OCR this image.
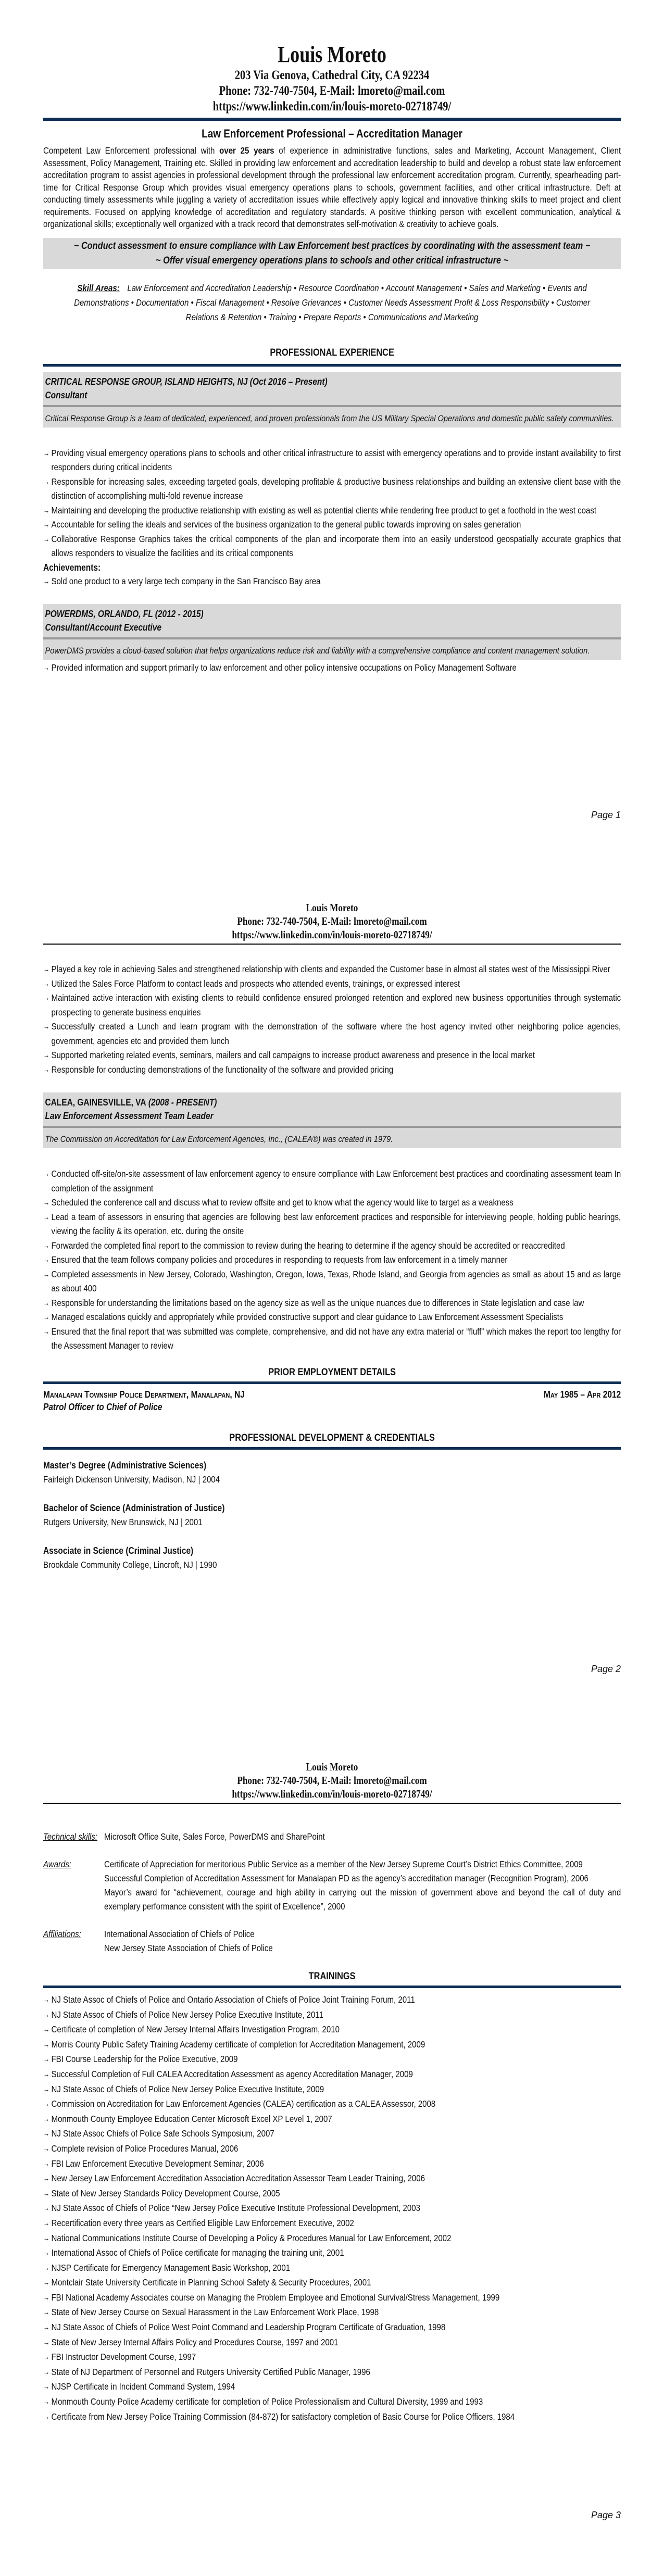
Louis Moreto
203 Via Genova, Cathedral City, CA 92234
Phone: 732-740-7504, E-Mail: lmoreto@mail.com
https://www.linkedin.com/in/louis-moreto-02718749/
Law Enforcement Professional – Accreditation Manager
Competent Law Enforcement professional with over 25 years of experience in administrative functions, sales and Marketing, Account Management, Client Assessment, Policy Management, Training etc. Skilled in providing law enforcement and accreditation leadership to build and develop a robust state law enforcement accreditation program to assist agencies in professional development through the professional law enforcement accreditation program. Currently, spearheading part-time for Critical Response Group which provides visual emergency operations plans to schools, government facilities, and other critical infrastructure. Deft at conducting timely assessments while juggling a variety of accreditation issues while effectively apply logical and innovative thinking skills to meet project and client requirements. Focused on applying knowledge of accreditation and regulatory standards. A positive thinking person with excellent communication, analytical & organizational skills; exceptionally well organized with a track record that demonstrates self-motivation & creativity to achieve goals.
~ Conduct assessment to ensure compliance with Law Enforcement best practices by coordinating with the assessment team ~
~ Offer visual emergency operations plans to schools and other critical infrastructure ~
Skill Areas: Law Enforcement and Accreditation Leadership • Resource Coordination • Account Management • Sales and Marketing • Events and Demonstrations • Documentation • Fiscal Management • Resolve Grievances • Customer Needs Assessment Profit & Loss Responsibility • Customer Relations & Retention • Training • Prepare Reports • Communications and Marketing
PROFESSIONAL EXPERIENCE
CRITICAL RESPONSE GROUP, ISLAND HEIGHTS, NJ (Oct 2016 – Present)
Consultant
Critical Response Group is a team of dedicated, experienced, and proven professionals from the US Military Special Operations and domestic public safety communities.
→ Providing visual emergency operations plans to schools and other critical infrastructure to assist with emergency operations and to provide instant availability to first responders during critical incidents
→ Responsible for increasing sales, exceeding targeted goals, developing profitable & productive business relationships and building an extensive client base with the distinction of accomplishing multi-fold revenue increase
→ Maintaining and developing the productive relationship with existing as well as potential clients while rendering free product to get a foothold in the west coast
→ Accountable for selling the ideals and services of the business organization to the general public towards improving on sales generation
→ Collaborative Response Graphics takes the critical components of the plan and incorporate them into an easily understood geospatially accurate graphics that allows responders to visualize the facilities and its critical components
Achievements:
→ Sold one product to a very large tech company in the San Francisco Bay area
POWERDMS, ORLANDO, FL (2012 - 2015)
Consultant/Account Executive
PowerDMS provides a cloud-based solution that helps organizations reduce risk and liability with a comprehensive compliance and content management solution.
→ Provided information and support primarily to law enforcement and other policy intensive occupations on Policy Management Software
Page 1
Louis Moreto
Phone: 732-740-7504, E-Mail: lmoreto@mail.com
https://www.linkedin.com/in/louis-moreto-02718749/
→ Played a key role in achieving Sales and strengthened relationship with clients and expanded the Customer base in almost all states west of the Mississippi River
→ Utilized the Sales Force Platform to contact leads and prospects who attended events, trainings, or expressed interest
→ Maintained active interaction with existing clients to rebuild confidence ensured prolonged retention and explored new business opportunities through systematic prospecting to generate business enquiries
→ Successfully created a Lunch and learn program with the demonstration of the software where the host agency invited other neighboring police agencies, government, agencies etc and provided them lunch
→ Supported marketing related events, seminars, mailers and call campaigns to increase product awareness and presence in the local market
→ Responsible for conducting demonstrations of the functionality of the software and provided pricing
CALEA, GAINESVILLE, VA (2008 - PRESENT)
Law Enforcement Assessment Team Leader
The Commission on Accreditation for Law Enforcement Agencies, Inc., (CALEA®) was created in 1979.
→ Conducted off-site/on-site assessment of law enforcement agency to ensure compliance with Law Enforcement best practices and coordinating assessment team In completion of the assignment
→ Scheduled the conference call and discuss what to review offsite and get to know what the agency would like to target as a weakness
→ Lead a team of assessors in ensuring that agencies are following best law enforcement practices and responsible for interviewing people, holding public hearings, viewing the facility & its operation, etc. during the onsite
→ Forwarded the completed final report to the commission to review during the hearing to determine if the agency should be accredited or reaccredited
→ Ensured that the team follows company policies and procedures in responding to requests from law enforcement in a timely manner
→ Completed assessments in New Jersey, Colorado, Washington, Oregon, Iowa, Texas, Rhode Island, and Georgia from agencies as small as about 15 and as large as about 400
→ Responsible for understanding the limitations based on the agency size as well as the unique nuances due to differences in State legislation and case law
→ Managed escalations quickly and appropriately while provided constructive support and clear guidance to Law Enforcement Assessment Specialists
→ Ensured that the final report that was submitted was complete, comprehensive, and did not have any extra material or “fluff” which makes the report too lengthy for the Assessment Manager to review
PRIOR EMPLOYMENT DETAILS
Manalapan Township Police Department, Manalapan, NJ	May 1985 – Apr 2012
Patrol Officer to Chief of Police
PROFESSIONAL DEVELOPMENT & CREDENTIALS
Master’s Degree (Administrative Sciences)
Fairleigh Dickenson University, Madison, NJ | 2004
Bachelor of Science (Administration of Justice)
Rutgers University, New Brunswick, NJ | 2001
Associate in Science (Criminal Justice)
Brookdale Community College, Lincroft, NJ | 1990
Page 2
Louis Moreto
Phone: 732-740-7504, E-Mail: lmoreto@mail.com
https://www.linkedin.com/in/louis-moreto-02718749/
Technical skills: Microsoft Office Suite, Sales Force, PowerDMS and SharePoint
Awards:	Certificate of Appreciation for meritorious Public Service as a member of the New Jersey Supreme Court’s District Ethics Committee, 2009
Successful Completion of Accreditation Assessment for Manalapan PD as the agency’s accreditation manager (Recognition Program), 2006
Mayor’s award for “achievement, courage and high ability in carrying out the mission of government above and beyond the call of duty and exemplary performance consistent with the spirit of Excellence”, 2000
Affiliations:	International Association of Chiefs of Police
New Jersey State Association of Chiefs of Police
TRAININGS
→ NJ State Assoc of Chiefs of Police and Ontario Association of Chiefs of Police Joint Training Forum, 2011
→ NJ State Assoc of Chiefs of Police New Jersey Police Executive Institute, 2011
→ Certificate of completion of New Jersey Internal Affairs Investigation Program, 2010
→ Morris County Public Safety Training Academy certificate of completion for Accreditation Management, 2009
→ FBI Course Leadership for the Police Executive, 2009
→ Successful Completion of Full CALEA Accreditation Assessment as agency Accreditation Manager, 2009
→ NJ State Assoc of Chiefs of Police New Jersey Police Executive Institute, 2009
→ Commission on Accreditation for Law Enforcement Agencies (CALEA) certification as a CALEA Assessor, 2008
→ Monmouth County Employee Education Center Microsoft Excel XP Level 1, 2007
→ NJ State Assoc Chiefs of Police Safe Schools Symposium, 2007
→ Complete revision of Police Procedures Manual, 2006
→ FBI Law Enforcement Executive Development Seminar, 2006
→ New Jersey Law Enforcement Accreditation Association Accreditation Assessor Team Leader Training, 2006
→ State of New Jersey Standards Policy Development Course, 2005
→ NJ State Assoc of Chiefs of Police “New Jersey Police Executive Institute Professional Development, 2003
→ Recertification every three years as Certified Eligible Law Enforcement Executive, 2002
→ National Communications Institute Course of Developing a Policy & Procedures Manual for Law Enforcement, 2002
→ International Assoc of Chiefs of Police certificate for managing the training unit, 2001
→ NJSP Certificate for Emergency Management Basic Workshop, 2001
→ Montclair State University Certificate in Planning School Safety & Security Procedures, 2001
→ FBI National Academy Associates course on Managing the Problem Employee and Emotional Survival/Stress Management, 1999
→ State of New Jersey Course on Sexual Harassment in the Law Enforcement Work Place, 1998
→ NJ State Assoc of Chiefs of Police West Point Command and Leadership Program Certificate of Graduation, 1998
→ State of New Jersey Internal Affairs Policy and Procedures Course, 1997 and 2001
→ FBI Instructor Development Course, 1997
→ State of NJ Department of Personnel and Rutgers University Certified Public Manager, 1996
→ NJSP Certificate in Incident Command System, 1994
→ Monmouth County Police Academy certificate for completion of Police Professionalism and Cultural Diversity, 1999 and 1993
→ Certificate from New Jersey Police Training Commission (84-872) for satisfactory completion of Basic Course for Police Officers, 1984
Page 3
